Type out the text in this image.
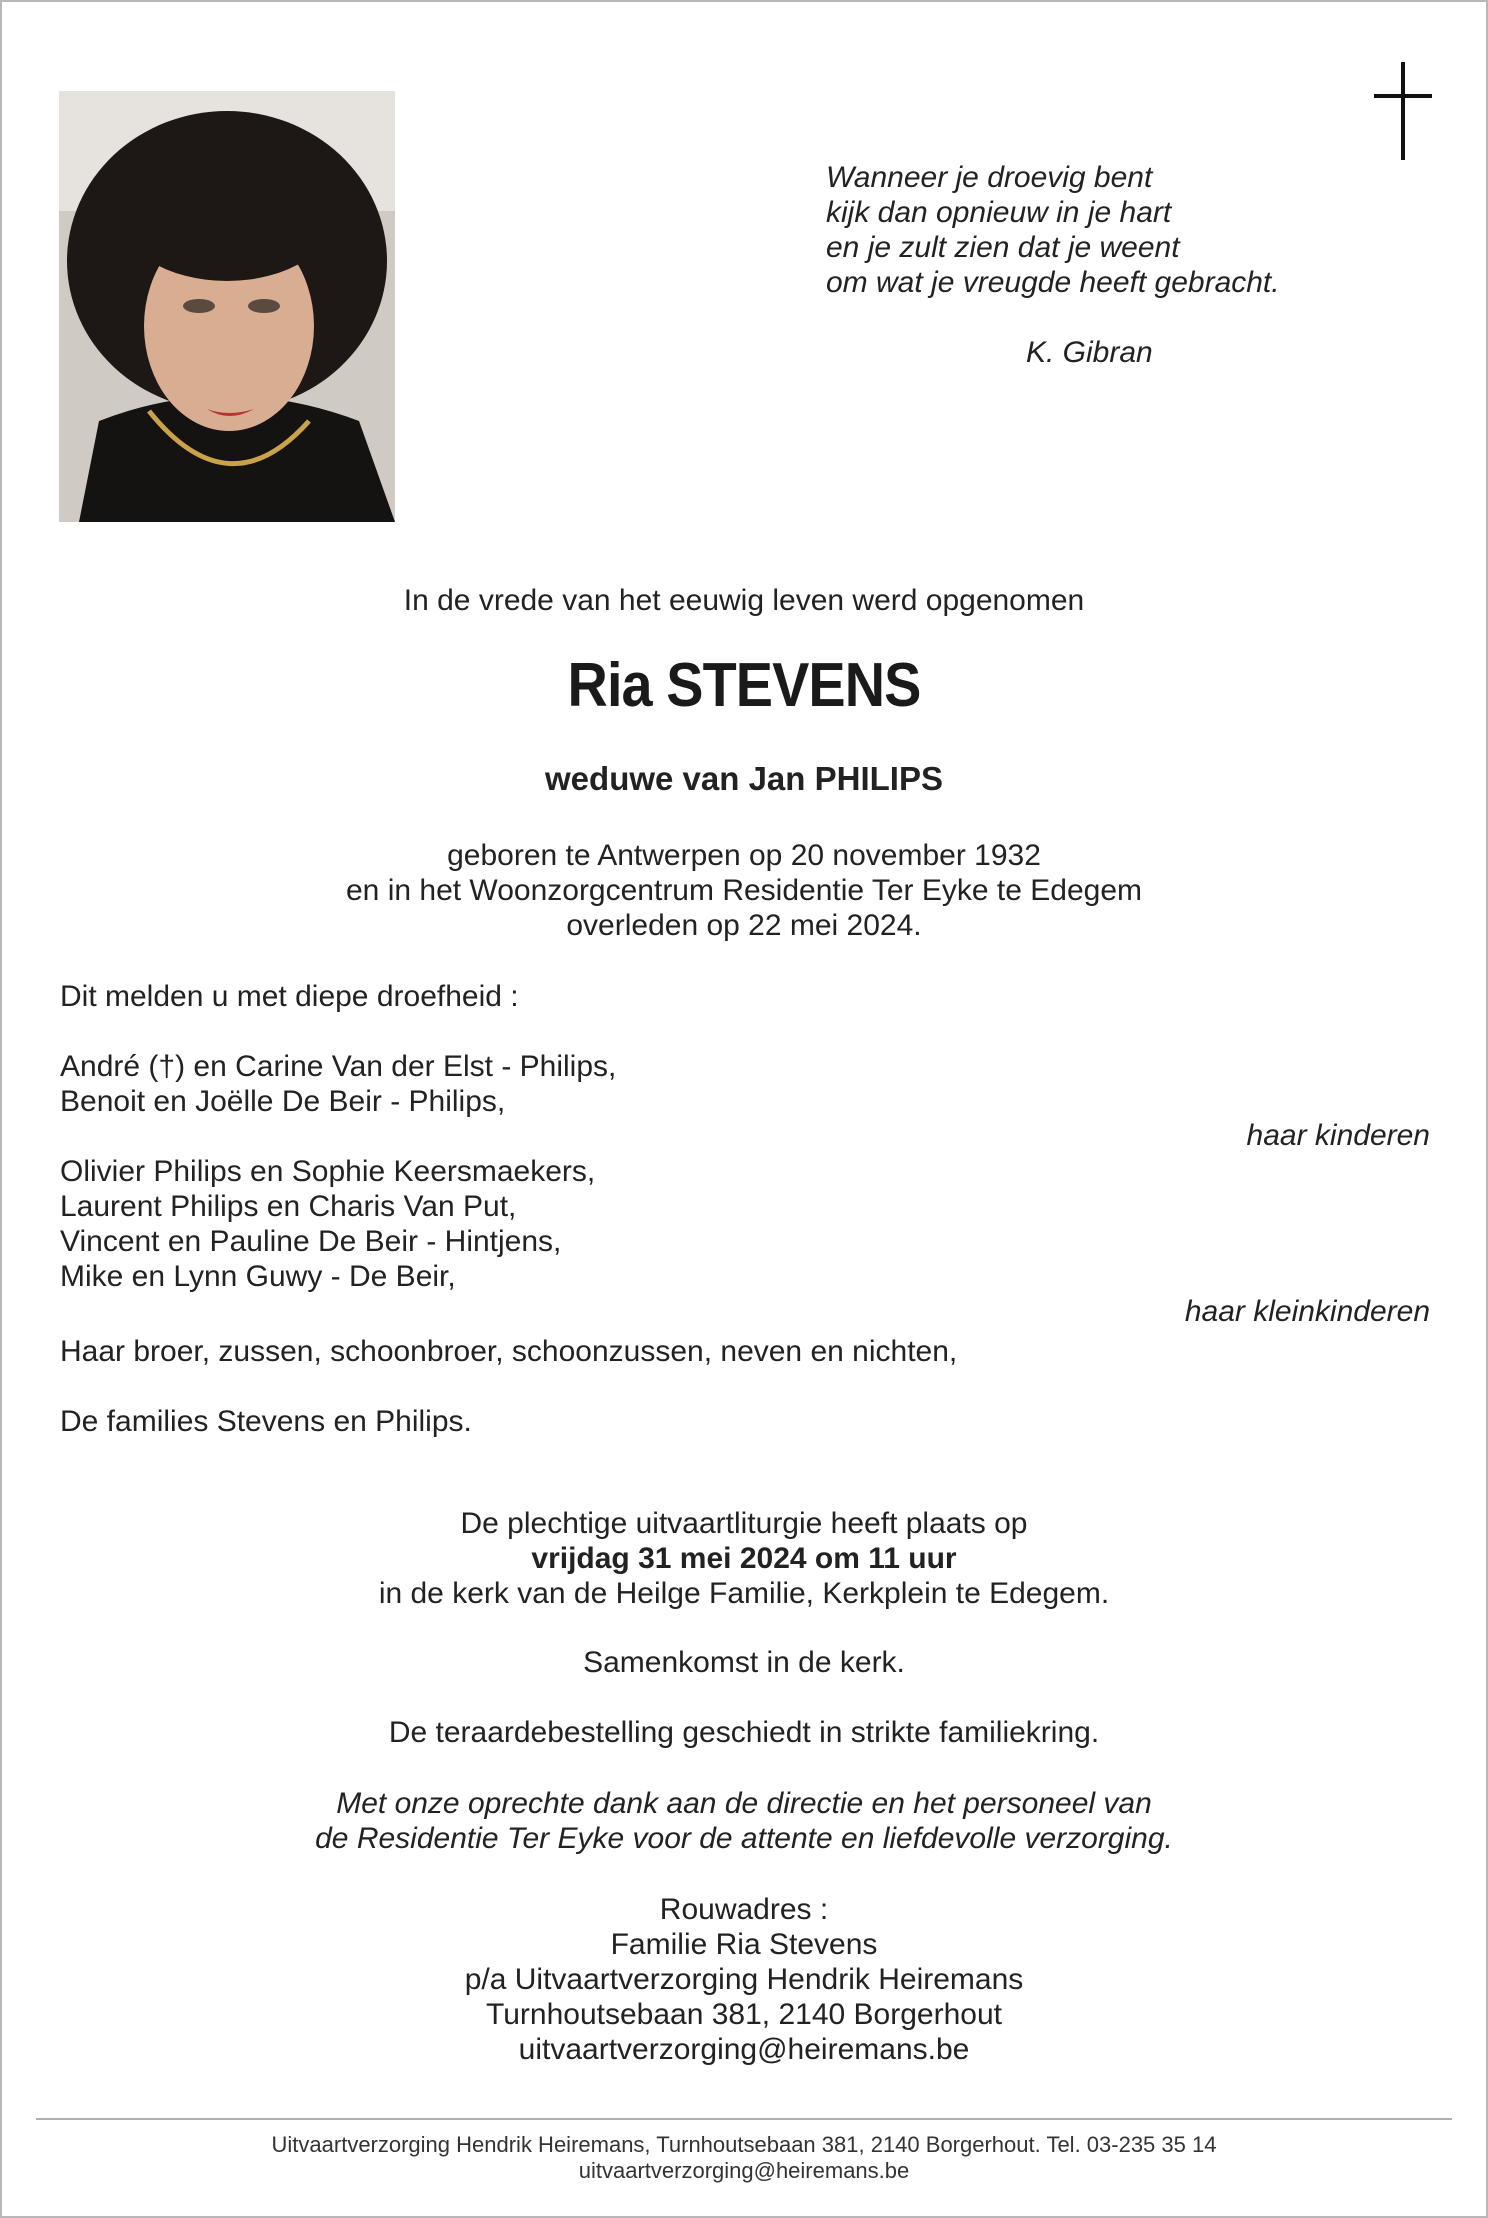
Wanneer je droevig bent
kijk dan opnieuw in je hart
en je zult zien dat je weent
om wat je vreugde heeft gebracht.
K. Gibran
In de vrede van het eeuwig leven werd opgenomen
Ria STEVENS
weduwe van Jan PHILIPS
geboren te Antwerpen op 20 november 1932
en in het Woonzorgcentrum Residentie Ter Eyke te Edegem
overleden op 22 mei 2024.
Dit melden u met diepe droefheid :
André (†) en Carine Van der Elst - Philips,
Benoit en Joëlle De Beir - Philips,
haar kinderen
Olivier Philips en Sophie Keersmaekers,
Laurent Philips en Charis Van Put,
Vincent en Pauline De Beir - Hintjens,
Mike en Lynn Guwy - De Beir,
haar kleinkinderen
Haar broer, zussen, schoonbroer, schoonzussen, neven en nichten,
De families Stevens en Philips.
De plechtige uitvaartliturgie heeft plaats op
vrijdag 31 mei 2024 om 11 uur
in de kerk van de Heilge Familie, Kerkplein te Edegem.
Samenkomst in de kerk.
De teraardebestelling geschiedt in strikte familiekring.
Met onze oprechte dank aan de directie en het personeel van
de Residentie Ter Eyke voor de attente en liefdevolle verzorging.
Rouwadres :
Familie Ria Stevens
p/a Uitvaartverzorging Hendrik Heiremans
Turnhoutsebaan 381, 2140 Borgerhout
uitvaartverzorging@heiremans.be
Uitvaartverzorging Hendrik Heiremans, Turnhoutsebaan 381, 2140 Borgerhout. Tel. 03-235 35 14
uitvaartverzorging@heiremans.be
